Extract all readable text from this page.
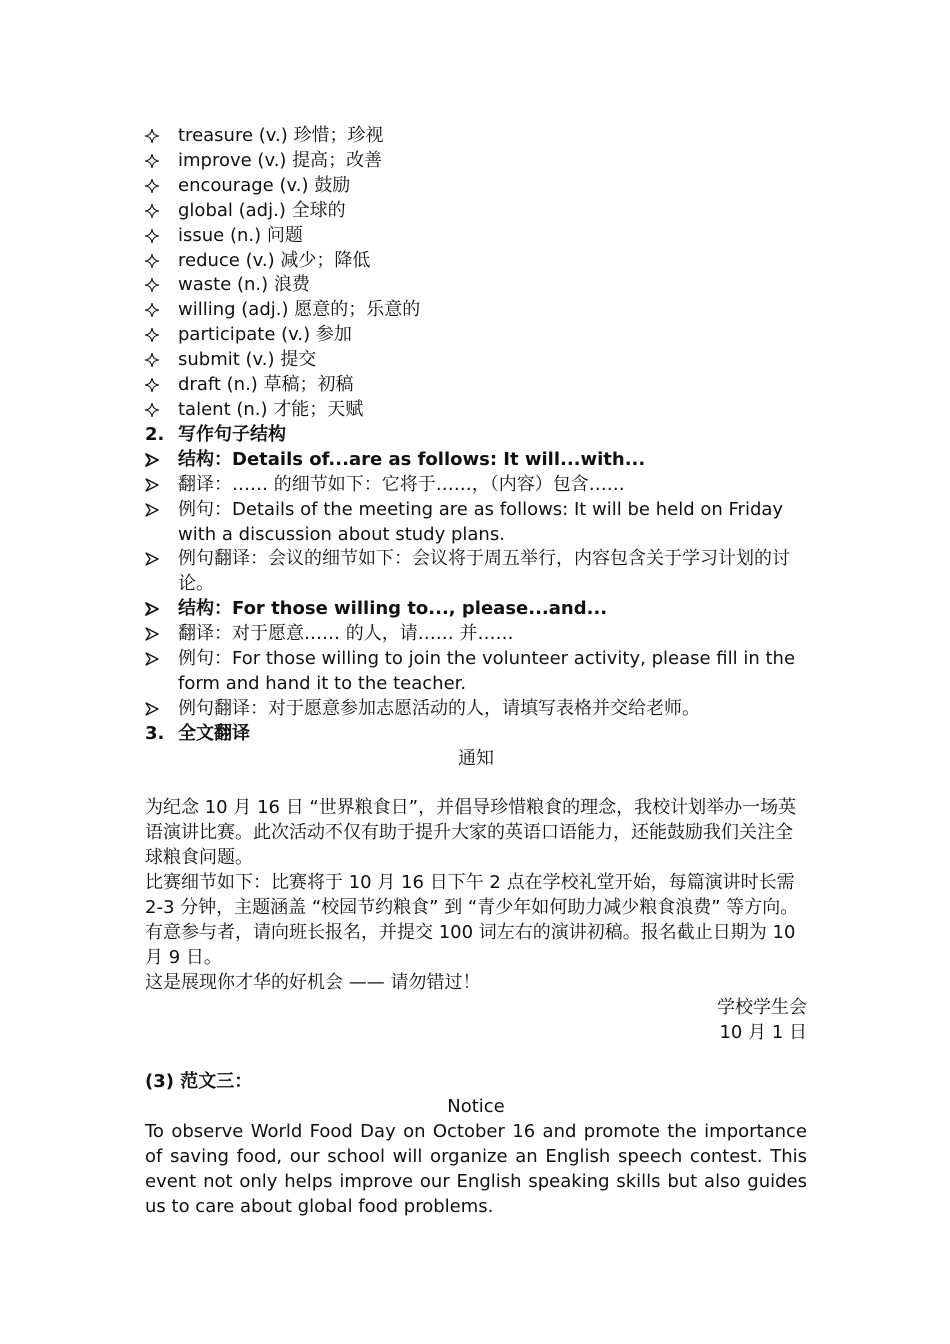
treasure (v.) 珍惜；珍视
improve (v.) 提高；改善
encourage (v.) 鼓励
global (adj.) 全球的
issue (n.) 问题
reduce (v.) 减少；降低
waste (n.) 浪费
willing (adj.) 愿意的；乐意的
participate (v.) 参加
submit (v.) 提交
draft (n.) 草稿；初稿
talent (n.) 才能；天赋
2. 写作句子结构
结构：Details of...are as follows: It will...with...
翻译：…… 的细节如下：它将于……，（内容）包含……
例句：Details of the meeting are as follows: It will be held on Friday with a discussion about study plans.
例句翻译：会议的细节如下：会议将于周五举行，内容包含关于学习计划的讨论。
结构：For those willing to..., please...and...
翻译：对于愿意…… 的人，请…… 并……
例句：For those willing to join the volunteer activity, please fill in the form and hand it to the teacher.
例句翻译：对于愿意参加志愿活动的人，请填写表格并交给老师。
3. 全文翻译
通知
为纪念 10 月 16 日 “世界粮食日”，并倡导珍惜粮食的理念，我校计划举办一场英语演讲比赛。此次活动不仅有助于提升大家的英语口语能力，还能鼓励我们关注全球粮食问题。
比赛细节如下：比赛将于 10 月 16 日下午 2 点在学校礼堂开始，每篇演讲时长需 2-3 分钟，主题涵盖 “校园节约粮食” 到 “青少年如何助力减少粮食浪费” 等方向。有意参与者，请向班长报名，并提交 100 词左右的演讲初稿。报名截止日期为 10 月 9 日。
这是展现你才华的好机会 —— 请勿错过！
学校学生会
10 月 1 日
(3) 范文三：
Notice
To observe World Food Day on October 16 and promote the importance of saving food, our school will organize an English speech contest. This event not only helps improve our English speaking skills but also guides us to care about global food problems.
